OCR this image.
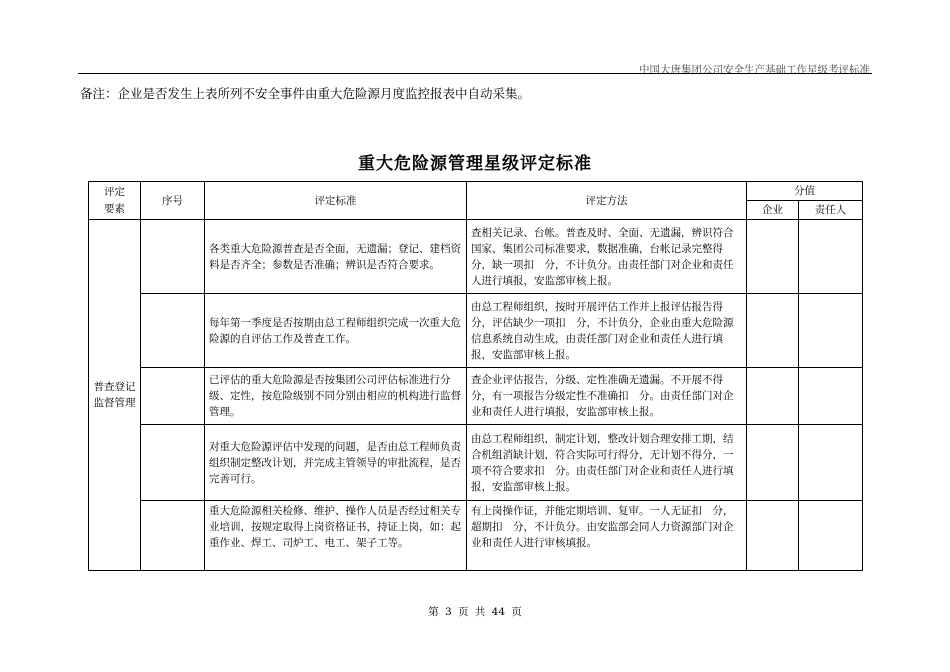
中国大唐集团公司安全生产基础工作星级考评标准
备注：企业是否发生上表所列不安全事件由重大危险源月度监控报表中自动采集。
重大危险源管理星级评定标准
评定要素	序号	评定标准	评定方法	分值	
				企业	责任人
普查登记监督管理		各类重大危险源普查是否全面，无遗漏；登记、建档资料是否齐全；参数是否准确；辨识是否符合要求。	查相关记录、台帐。普查及时、全面、无遗漏，辨识符合国家、集团公司标准要求，数据准确，台帐记录完整得分，缺一项扣　分，不计负分。由责任部门对企业和责任人进行填报，安监部审核上报。		
		每年第一季度是否按期由总工程师组织完成一次重大危险源的自评估工作及普查工作。	由总工程师组织，按时开展评估工作并上报评估报告得分，评估缺少一项扣　分，不计负分，企业由重大危险源信息系统自动生成，由责任部门对企业和责任人进行填报，安监部审核上报。		
		已评估的重大危险源是否按集团公司评估标准进行分级、定性，按危险级别不同分别由相应的机构进行监督管理。	查企业评估报告，分级、定性准确无遗漏。不开展不得分，有一项报告分级定性不准确扣　分。由责任部门对企业和责任人进行填报，安监部审核上报。		
		对重大危险源评估中发现的问题，是否由总工程师负责组织制定整改计划，并完成主管领导的审批流程，是否完善可行。	由总工程师组织，制定计划，整改计划合理安排工期，结合机组消缺计划，符合实际可行得分，无计划不得分，一项不符合要求扣　分。由责任部门对企业和责任人进行填报，安监部审核上报。		
		重大危险源相关检修、维护、操作人员是否经过相关专业培训，按规定取得上岗资格证书，持证上岗，如：起重作业、焊工、司炉工、电工、架子工等。	有上岗操作证，并能定期培训、复审。一人无证扣　分，超期扣　分，不计负分。由安监部会同人力资源部门对企业和责任人进行审核填报。		
第 3 页 共 44 页
